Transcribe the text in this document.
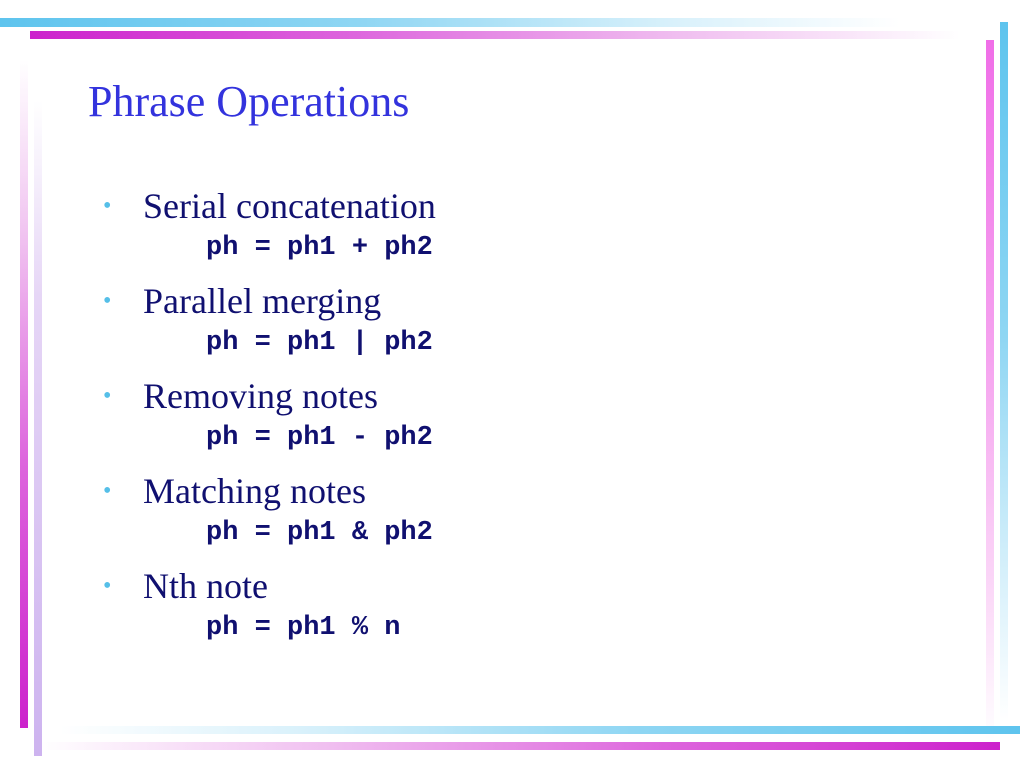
Phrase Operations
• Serial concatenation
ph = ph1 + ph2
• Parallel merging
ph = ph1 | ph2
• Removing notes
ph = ph1 - ph2
• Matching notes
ph = ph1 & ph2
• Nth note
ph = ph1 % n
